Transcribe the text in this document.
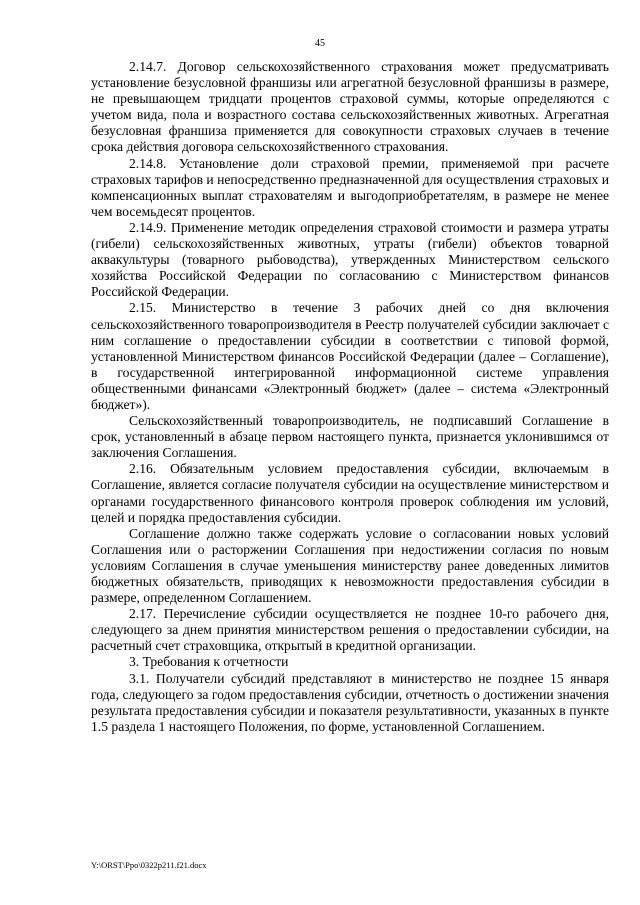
45

2.14.7. Договор сельскохозяйственного страхования может предусматривать установление безусловной франшизы или агрегатной безусловной франшизы в размере, не превышающем тридцати процентов страховой суммы, которые определяются с учетом вида, пола и возрастного состава сельскохозяйственных животных. Агрегатная безусловная франшиза применяется для совокупности страховых случаев в течение срока действия договора сельскохозяйственного страхования.

2.14.8. Установление доли страховой премии, применяемой при расчете страховых тарифов и непосредственно предназначенной для осуществления страховых и компенсационных выплат страхователям и выгодоприобретателям, в размере не менее чем восемьдесят процентов.

2.14.9. Применение методик определения страховой стоимости и размера утраты (гибели) сельскохозяйственных животных, утраты (гибели) объектов товарной аквакультуры (товарного рыбоводства), утвержденных Министерством сельского хозяйства Российской Федерации по согласованию с Министерством финансов Российской Федерации.

2.15. Министерство в течение 3 рабочих дней со дня включения сельскохозяйственного товаропроизводителя в Реестр получателей субсидии заключает с ним соглашение о предоставлении субсидии в соответствии с типовой формой, установленной Министерством финансов Российской Федерации (далее – Соглашение), в государственной интегрированной информационной системе управления общественными финансами «Электронный бюджет» (далее – система «Электронный бюджет»).

Сельскохозяйственный товаропроизводитель, не подписавший Соглашение в срок, установленный в абзаце первом настоящего пункта, признается уклонившимся от заключения Соглашения.

2.16. Обязательным условием предоставления субсидии, включаемым в Соглашение, является согласие получателя субсидии на осуществление министерством и органами государственного финансового контроля проверок соблюдения им условий, целей и порядка предоставления субсидии.

Соглашение должно также содержать условие о согласовании новых условий Соглашения или о расторжении Соглашения при недостижении согласия по новым условиям Соглашения в случае уменьшения министерству ранее доведенных лимитов бюджетных обязательств, приводящих к невозможности предоставления субсидии в размере, определенном Соглашением.

2.17. Перечисление субсидии осуществляется не позднее 10-го рабочего дня, следующего за днем принятия министерством решения о предоставлении субсидии, на расчетный счет страховщика, открытый в кредитной организации.

3. Требования к отчетности

3.1. Получатели субсидий представляют в министерство не позднее 15 января года, следующего за годом предоставления субсидии, отчетность о достижении значения результата предоставления субсидии и показателя результативности, указанных в пункте 1.5 раздела 1 настоящего Положения, по форме, установленной Соглашением.

Y:\ORST\Ppo\0322p211.f21.docx
